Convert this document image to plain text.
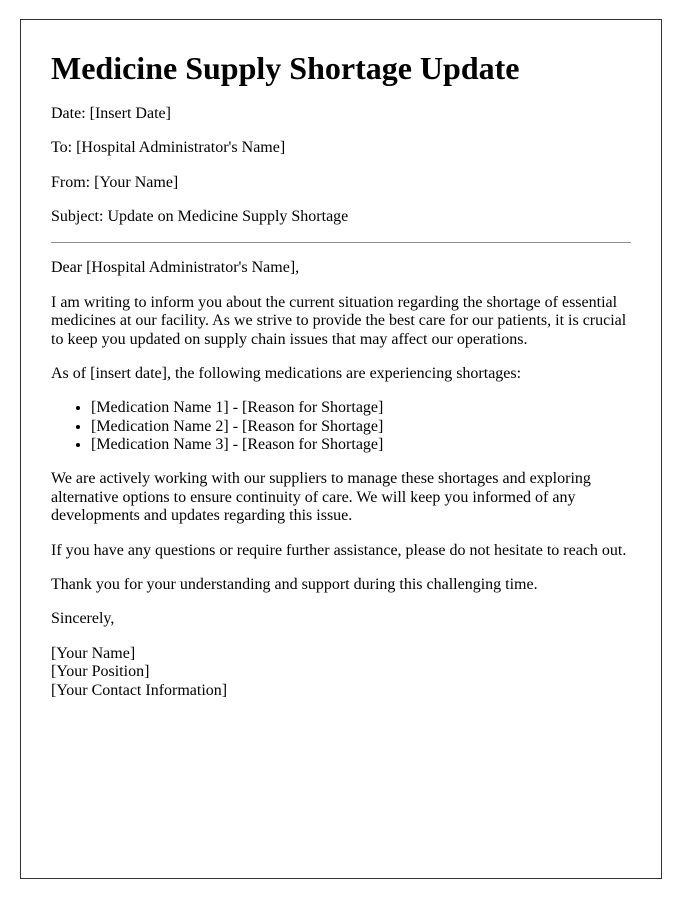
Medicine Supply Shortage Update

Date: [Insert Date]

To: [Hospital Administrator's Name]

From: [Your Name]

Subject: Update on Medicine Supply Shortage

Dear [Hospital Administrator's Name],

I am writing to inform you about the current situation regarding the shortage of essential medicines at our facility. As we strive to provide the best care for our patients, it is crucial to keep you updated on supply chain issues that may affect our operations.

As of [insert date], the following medications are experiencing shortages:

• [Medication Name 1] - [Reason for Shortage]
• [Medication Name 2] - [Reason for Shortage]
• [Medication Name 3] - [Reason for Shortage]

We are actively working with our suppliers to manage these shortages and exploring alternative options to ensure continuity of care. We will keep you informed of any developments and updates regarding this issue.

If you have any questions or require further assistance, please do not hesitate to reach out.

Thank you for your understanding and support during this challenging time.

Sincerely,

[Your Name]
[Your Position]
[Your Contact Information]
